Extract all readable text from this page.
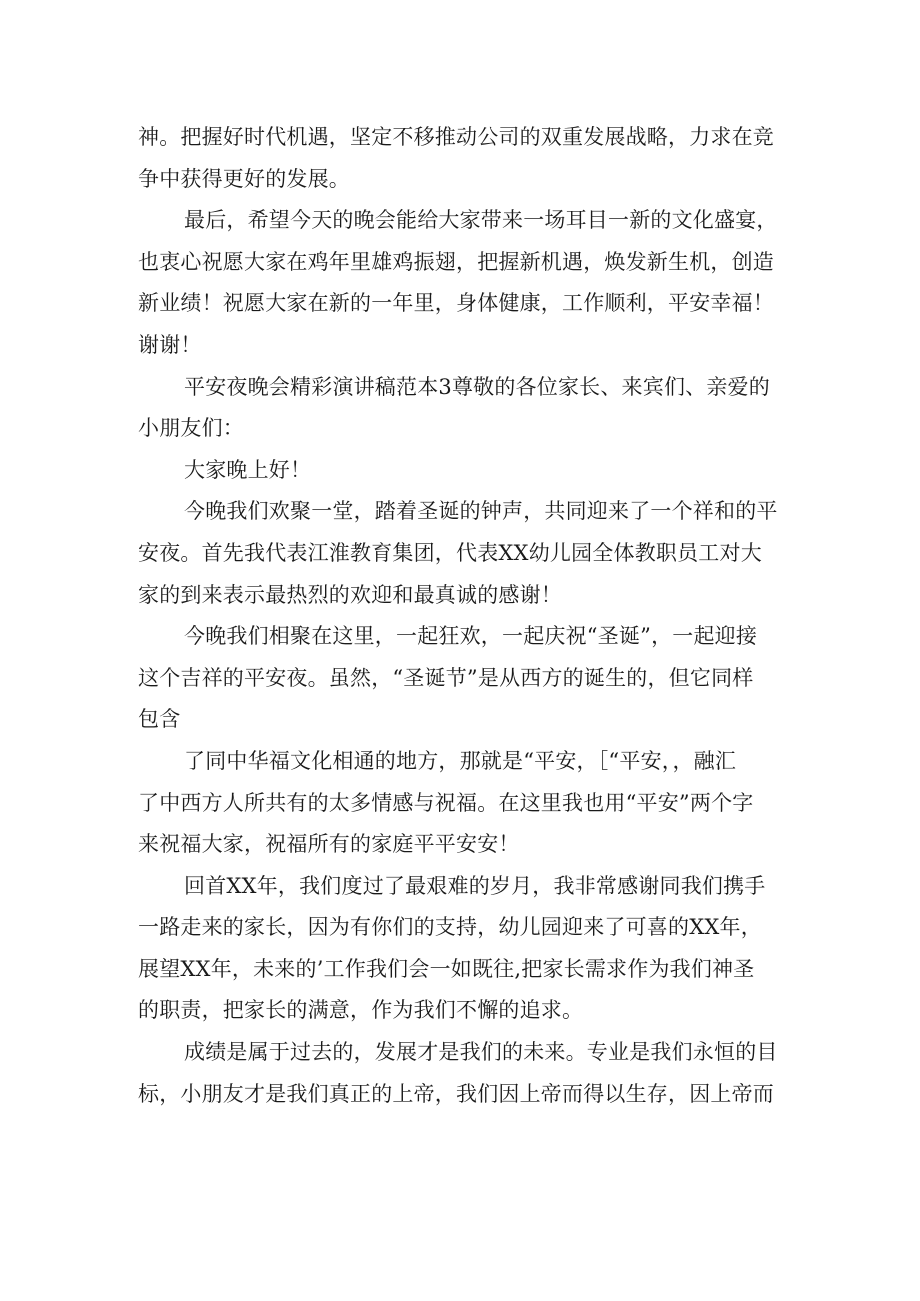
神。把握好时代机遇，坚定不移推动公司的双重发展战略，力求在竞
争中获得更好的发展。
最后，希望今天的晚会能给大家带来一场耳目一新的文化盛宴，
也衷心祝愿大家在鸡年里雄鸡振翅，把握新机遇，焕发新生机，创造
新业绩！祝愿大家在新的一年里，身体健康，工作顺利，平安幸福！
谢谢！
平安夜晚会精彩演讲稿范本3尊敬的各位家长、来宾们、亲爱的
小朋友们：
大家晚上好！
今晚我们欢聚一堂，踏着圣诞的钟声，共同迎来了一个祥和的平
安夜。首先我代表江淮教育集团，代表XX幼儿园全体教职员工对大
家的到来表示最热烈的欢迎和最真诚的感谢！
今晚我们相聚在这里，一起狂欢，一起庆祝“圣诞”，一起迎接
这个吉祥的平安夜。虽然，“圣诞节”是从西方的诞生的，但它同样
包含
了同中华福文化相通的地方，那就是“平安，［“平安，，融汇
了中西方人所共有的太多情感与祝福。在这里我也用“平安”两个字
来祝福大家，祝福所有的家庭平平安安！
回首XX年，我们度过了最艰难的岁月，我非常感谢同我们携手
一路走来的家长，因为有你们的支持，幼儿园迎来了可喜的XX年，
展望XX年，未来的’工作我们会一如既往,把家长需求作为我们神圣
的职责，把家长的满意，作为我们不懈的追求。
成绩是属于过去的，发展才是我们的未来。专业是我们永恒的目
标，小朋友才是我们真正的上帝，我们因上帝而得以生存，因上帝而
